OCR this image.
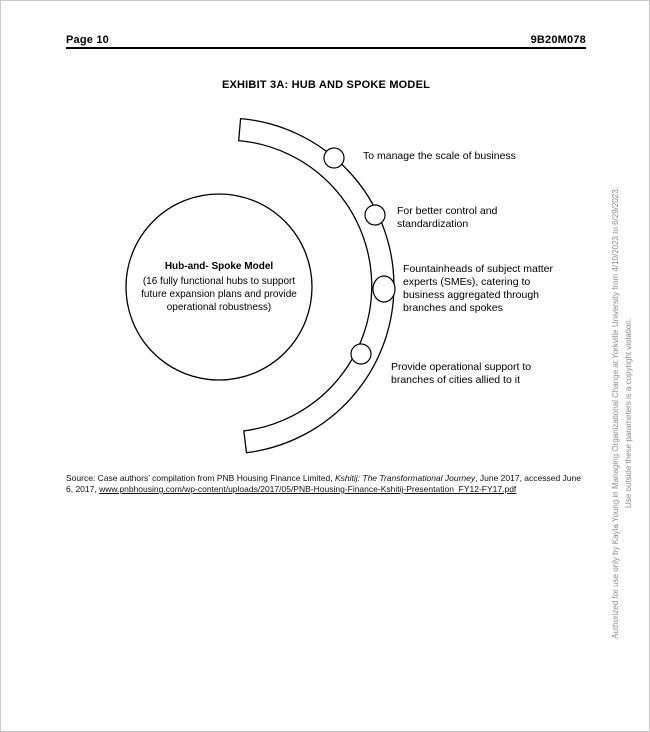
Page 10	9B20M078
EXHIBIT 3A: HUB AND SPOKE MODEL
Hub-and- Spoke Model
(16 fully functional hubs to support future expansion plans and provide operational robustness)
To manage the scale of business
For better control and standardization
Fountainheads of subject matter experts (SMEs), catering to business aggregated through branches and spokes
Provide operational support to branches of cities allied to it
Source: Case authors’ compilation from PNB Housing Finance Limited, Kshitij: The Transformational Journey, June 2017, accessed June 6, 2017, www.pnbhousing.com/wp-content/uploads/2017/05/PNB-Housing-Finance-Kshitij-Presentation_FY12-FY17.pdf	Authorized for use only by Kayla Young in Managing Organizational Change at Yorkville University from 4/10/2023 to 6/29/2023. Use outside these parameters is a copyright violation.
